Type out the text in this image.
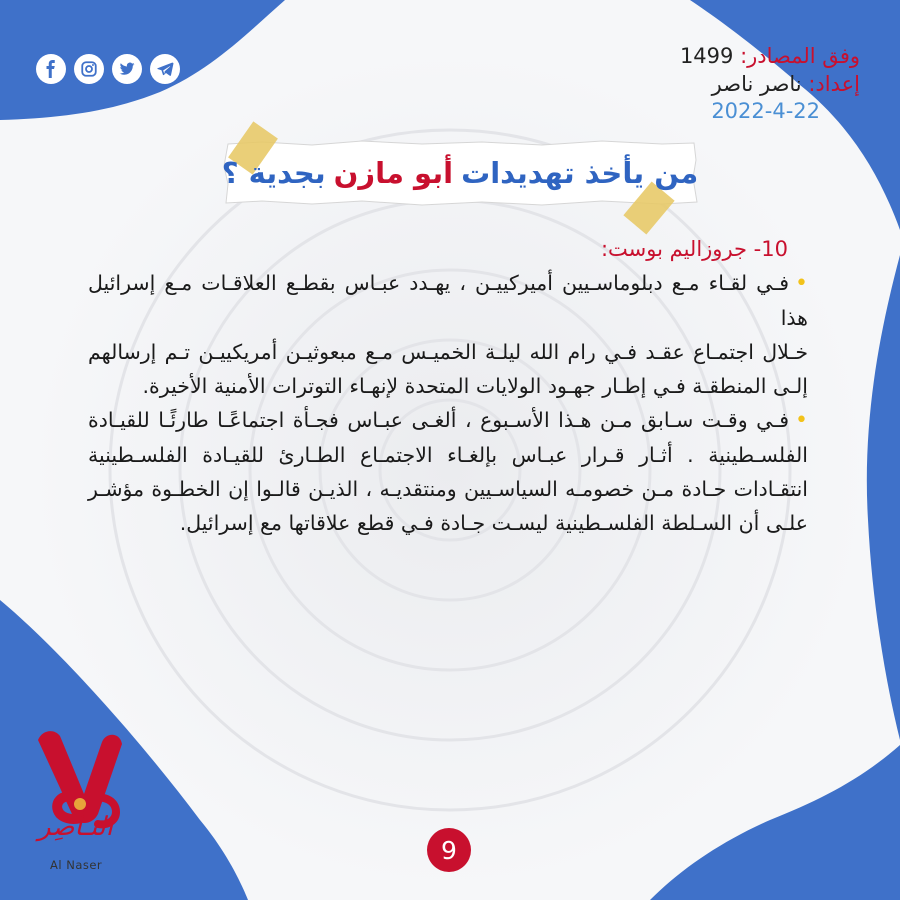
وفق المصادر: 1499
إعداد: ناصر ناصر
2022-4-22
من يأخذ تهديدات
أبو مازن
بجدية ؟

10- جروزاليم بوست:

•فـي لقـاء مـع دبلوماسـيين أميركييـن ، يهـدد عبـاس بقطـع العلاقـات مـع إسرائيل هذا

خـلال اجتمـاع عقـد فـي رام الله ليلـة الخميـس مـع مبعوثيـن أمريكييـن تـم إرسالهم إلـى المنطقـة فـي إطـار جهـود الولايات المتحدة لإنهـاء التوترات الأمنية الأخيرة.

•فـي وقـت سـابق مـن هـذا الأسـبوع ، ألغـى عبـاس فجـأة اجتماعًـا طارئًـا للقيـادة الفلسـطينية . أثـار قـرار عبـاس بإلغـاء الاجتمـاع الطـارئ للقيـادة الفلسـطينية انتقـادات حـادة مـن خصومـه السياسـيين ومنتقديـه ، الذيـن قالـوا إن الخطـوة مؤشـر علـى أن السـلطة الفلسـطينية ليسـت جـادة فـي قطع علاقاتها مع إسرائيل.

النـاصِر
Al Naser
9
